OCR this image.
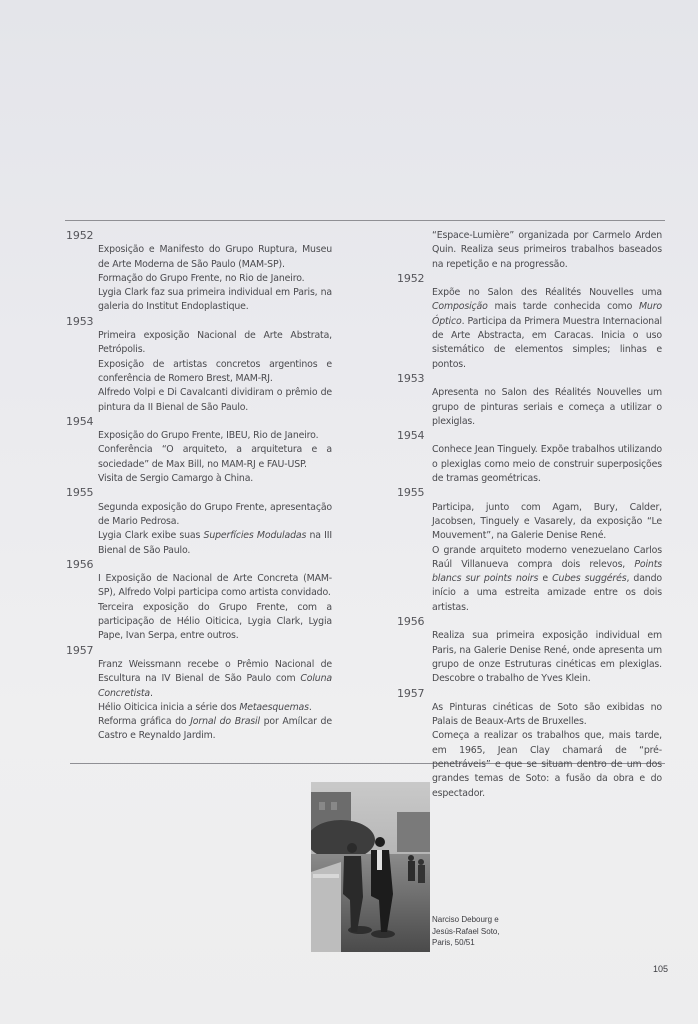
1952
Exposição e Manifesto do Grupo Ruptura, Museu de Arte Moderna de São Paulo (MAM-SP).
Formação do Grupo Frente, no Rio de Janeiro.
Lygia Clark faz sua primeira individual em Paris, na galeria do Institut Endoplastique.
1953
Primeira exposição Nacional de Arte Abstrata, Petrópolis.
Exposição de artistas concretos argentinos e conferência de Romero Brest, MAM-RJ.
Alfredo Volpi e Di Cavalcanti dividiram o prêmio de pintura da II Bienal de São Paulo.
1954
Exposição do Grupo Frente, IBEU, Rio de Janeiro.
Conferência “O arquiteto, a arquitetura e a sociedade” de Max Bill, no MAM-RJ e FAU-USP.
Visita de Sergio Camargo à China.
1955
Segunda exposição do Grupo Frente, apresentação de Mario Pedrosa.
Lygia Clark exibe suas Superfícies Moduladas na III Bienal de São Paulo.
1956
I Exposição de Nacional de Arte Concreta (MAM-SP), Alfredo Volpi participa como artista convidado.
Terceira exposição do Grupo Frente, com a participação de Hélio Oiticica, Lygia Clark, Lygia Pape, Ivan Serpa, entre outros.
1957
Franz Weissmann recebe o Prêmio Nacional de Escultura na IV Bienal de São Paulo com Coluna Concretista.
Hélio Oiticica inicia a série dos Metaesquemas.
Reforma gráfica do Jornal do Brasil por Amílcar de Castro e Reynaldo Jardim.
“Espace-Lumière” organizada por Carmelo Arden Quin. Realiza seus primeiros trabalhos baseados na repetição e na progressão.
1952
Expõe no Salon des Réalités Nouvelles uma Composição mais tarde conhecida como Muro Óptico. Participa da Primera Muestra Internacional de Arte Abstracta, em Caracas. Inicia o uso sistemático de elementos simples; linhas e pontos.
1953
Apresenta no Salon des Réalités Nouvelles um grupo de pinturas seriais e começa a utilizar o plexiglas.
1954
Conhece Jean Tinguely. Expõe trabalhos utilizando o plexiglas como meio de construir superposições de tramas geométricas.
1955
Participa, junto com Agam, Bury, Calder, Jacobsen, Tinguely e Vasarely, da exposição “Le Mouvement”, na Galerie Denise René.
O grande arquiteto moderno venezuelano Carlos Raúl Villanueva compra dois relevos, Points blancs sur points noirs e Cubes suggérés, dando início a uma estreita amizade entre os dois artistas.
1956
Realiza sua primeira exposição individual em Paris, na Galerie Denise René, onde apresenta um grupo de onze Estruturas cinéticas em plexiglas. Descobre o trabalho de Yves Klein.
1957
As Pinturas cinéticas de Soto são exibidas no Palais de Beaux-Arts de Bruxelles.
Começa a realizar os trabalhos que, mais tarde, em 1965, Jean Clay chamará de “pré-penetráveis” e que se situam dentro de um dos grandes temas de Soto: a fusão da obra e do espectador.
Narciso Debourg e
Jesús-Rafael Soto,
Paris, 50/51
105
